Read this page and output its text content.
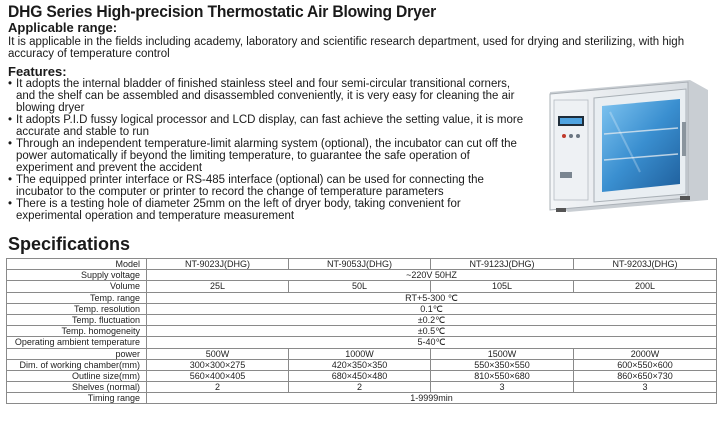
DHG Series High-precision Thermostatic Air Blowing Dryer
Applicable range:
It is applicable in the fields including academy, laboratory and scientific research department, used for drying and sterilizing, with high accuracy of temperature control
Features:
• It adopts the internal bladder of finished stainless steel and four semi-circular transitional corners, and the shelf can be assembled and disassembled conveniently, it is very easy for cleaning the air blowing dryer
• It adopts P.I.D fussy logical processor and LCD display, can fast achieve the setting value, it is more accurate and stable to run
• Through an independent temperature-limit alarming system (optional), the incubator can cut off the power automatically if beyond the limiting temperature, to guarantee the safe operation of experiment and prevent the accident
• The equipped printer interface or RS-485 interface (optional) can be used for connecting the incubator to the computer or printer to record the change of temperature parameters
• There is a testing hole of diameter 25mm on the left of dryer body, taking convenient for experimental operation and temperature measurement
Specifications
Model	NT-9023J(DHG)	NT-9053J(DHG)	NT-9123J(DHG)	NT-9203J(DHG)
Supply voltage	~220V 50HZ			
Volume	25L	50L	105L	200L
Temp. range	RT+5-300 ℃			
Temp. resolution	0.1℃			
Temp. fluctuation	±0.2℃			
Temp. homogeneity	±0.5℃			
Operating ambient temperature	5-40℃			
power	500W	1000W	1500W	2000W
Dim. of working chamber(mm)	300×300×275	420×350×350	550×350×550	600×550×600
Outline size(mm)	560×400×405	680×450×480	810×550×680	860×650×730
Shelves (normal)	2	2	3	3
Timing range	1-9999min			
